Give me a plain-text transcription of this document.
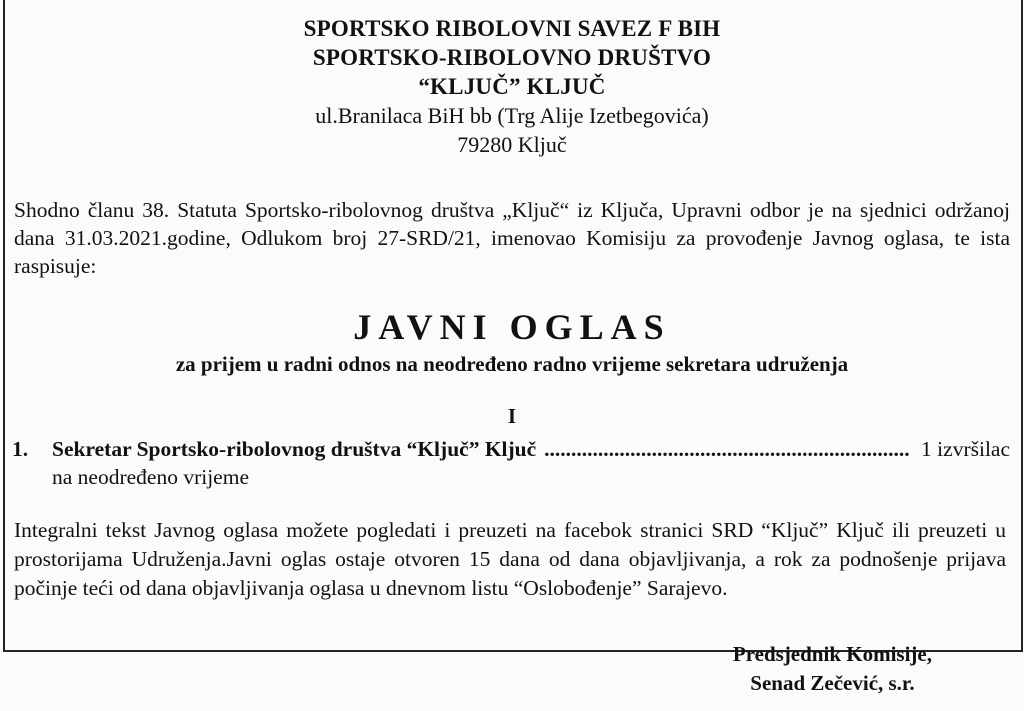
SPORTSKO RIBOLOVNI SAVEZ F BIH
SPORTSKO-RIBOLOVNO DRUŠTVO
“KLJUČ” KLJUČ
ul.Branilaca BiH bb (Trg Alije Izetbegovića)
79280 Ključ
Shodno članu 38. Statuta Sportsko-ribolovnog društva „Ključ“ iz Ključa, Upravni odbor je na sjednici održanoj dana 31.03.2021.godine, Odlukom broj 27-SRD/21, imenovao Komisiju za provođenje Javnog oglasa, te ista raspisuje:
JAVNI OGLAS
za prijem u radni odnos na neodređeno radno vrijeme sekretara udruženja
I
1.	Sekretar Sportsko-ribolovnog društva “Ključ” Ključ
.....	1 izvršilac
na neodređeno vrijeme
Integralni tekst Javnog oglasa možete pogledati i preuzeti na facebok stranici SRD “Ključ” Ključ ili preuzeti u prostorijama Udruženja.Javni oglas ostaje otvoren 15 dana od dana objavljivanja, a rok za podnošenje prijava počinje teći od dana objavljivanja oglasa u dnevnom listu “Oslobođenje” Sarajevo.
Predsjednik Komisije,
Senad Zečević, s.r.
